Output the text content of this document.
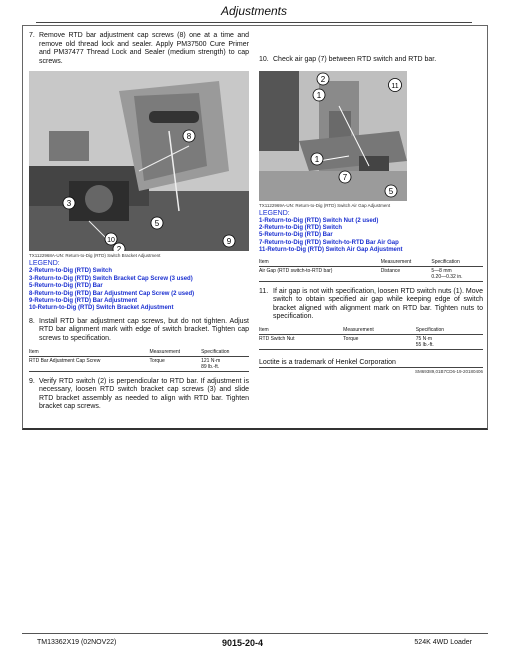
Adjustments
7. Remove RTD bar adjustment cap screws (8) one at a time and remove old thread lock and sealer. Apply PM37500 Cure Primer and PM37477 Thread Lock and Sealer (medium strength) to cap screws.
8
3
5
9
10
2
TX1122968A-UN: Return-to-Dig (RTD) Switch Bracket Adjustment
LEGEND:
2-Return-to-Dig (RTD) Switch
3-Return-to-Dig (RTD) Switch Bracket Cap Screw (3 used)
5-Return-to-Dig (RTD) Bar
8-Return-to-Dig (RTD) Bar Adjustment Cap Screw (2 used)
9-Return-to-Dig (RTD) Bar Adjustment
10-Return-to-Dig (RTD) Switch Bracket Adjustment
8. Install RTD bar adjustment cap screws, but do not tighten. Adjust RTD bar alignment mark with edge of switch bracket. Tighten cap screws to specification.
Item	Measurement	Specification
RTD Bar Adjustment Cap Screw	Torque	121 N·m
89 lb.-ft.
9. Verify RTD switch (2) is perpendicular to RTD bar. If adjustment is necessary, loosen RTD switch bracket cap screws (3) and slide RTD bracket assembly as needed to align with RTD bar. Tighten bracket cap screws.
10. Check air gap (7) between RTD switch and RTD bar.
2
11
1
1
7
5
TX1122969A-UN: Return-to-Dig (RTD) Switch Air Gap Adjustment
LEGEND:
1-Return-to-Dig (RTD) Switch Nut (2 used)
2-Return-to-Dig (RTD) Switch
5-Return-to-Dig (RTD) Bar
7-Return-to-Dig (RTD) Switch-to-RTD Bar Air Gap
11-Return-to-Dig (RTD) Switch Air Gap Adjustment
Item	Measurement	Specification
Air Gap (RTD switch-to-RTD bar)	Distance	5—8 mm
0.20—0.32 in.
11. If air gap is not with specification, loosen RTD switch nuts (1). Move switch to obtain specified air gap while keeping edge of switch bracket aligned with alignment mark on RTD bar. Tighten nuts to specification.
Item	Measurement	Specification
RTD Switch Nut	Torque	75 N·m
55 lb.-ft.
Loctite is a trademark of Henkel Corporation
SM69389,01B7CD6-19-20180406
TM13362X19 (02NOV22)	9015-20-4	524K 4WD Loader
